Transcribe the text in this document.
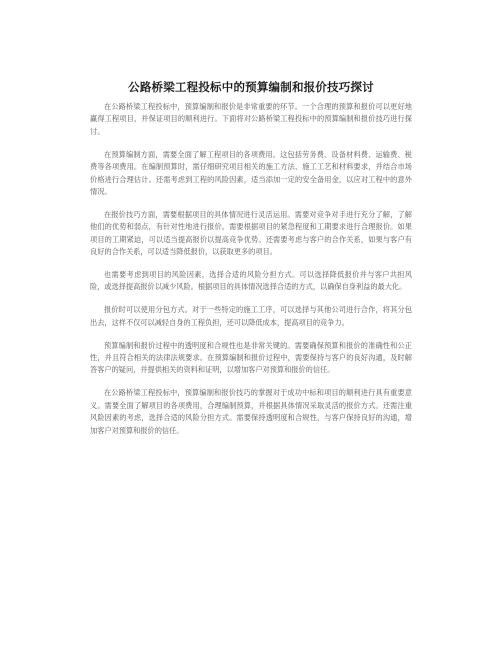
公路桥梁工程投标中的预算编制和报价技巧探讨

在公路桥梁工程投标中，预算编制和报价是非常重要的环节。一个合理的预算和报价可以更好地赢得工程项目，并保证项目的顺利进行。下面将对公路桥梁工程投标中的预算编制和报价技巧进行探讨。

在预算编制方面，需要全面了解工程项目的各项费用。这包括劳务费、设备材料费、运输费、税费等各项费用。在编制预算时，需仔细研究项目相关的施工方法、施工工艺和材料要求，并结合市场价格进行合理估计。还需考虑到工程的风险因素，适当添加一定的安全备用金，以应对工程中的意外情况。

在报价技巧方面，需要根据项目的具体情况进行灵活运用。需要对竞争对手进行充分了解，了解他们的优势和弱点，有针对性地进行报价。需要根据项目的紧急程度和工期要求进行合理报价。如果项目的工期紧迫，可以适当提高报价以提高竞争优势。还需要考虑与客户的合作关系，如果与客户有良好的合作关系，可以适当降低报价，以获取更多的项目。

也需要考虑到项目的风险因素，选择合适的风险分担方式。可以选择降低报价并与客户共担风险，或选择提高报价以减少风险。根据项目的具体情况选择合适的方式，以确保自身利益的最大化。

报价时可以使用分包方式。对于一些特定的施工工序，可以选择与其他公司进行合作，将其分包出去，这样不仅可以减轻自身的工程负担，还可以降低成本，提高项目的竞争力。

预算编制和报价过程中的透明度和合规性也是非常关键的。需要确保预算和报价的准确性和公正性，并且符合相关的法律法规要求。在预算编制和报价过程中，需要保持与客户的良好沟通，及时解答客户的疑问，并提供相关的资料和证明，以增加客户对预算和报价的信任。

在公路桥梁工程投标中，预算编制和报价技巧的掌握对于成功中标和项目的顺利进行具有重要意义。需要全面了解项目的各项费用，合理编制预算，并根据具体情况采取灵活的报价方式。还需注重风险因素的考虑，选择合适的风险分担方式。需要保持透明度和合规性，与客户保持良好的沟通，增加客户对预算和报价的信任。
